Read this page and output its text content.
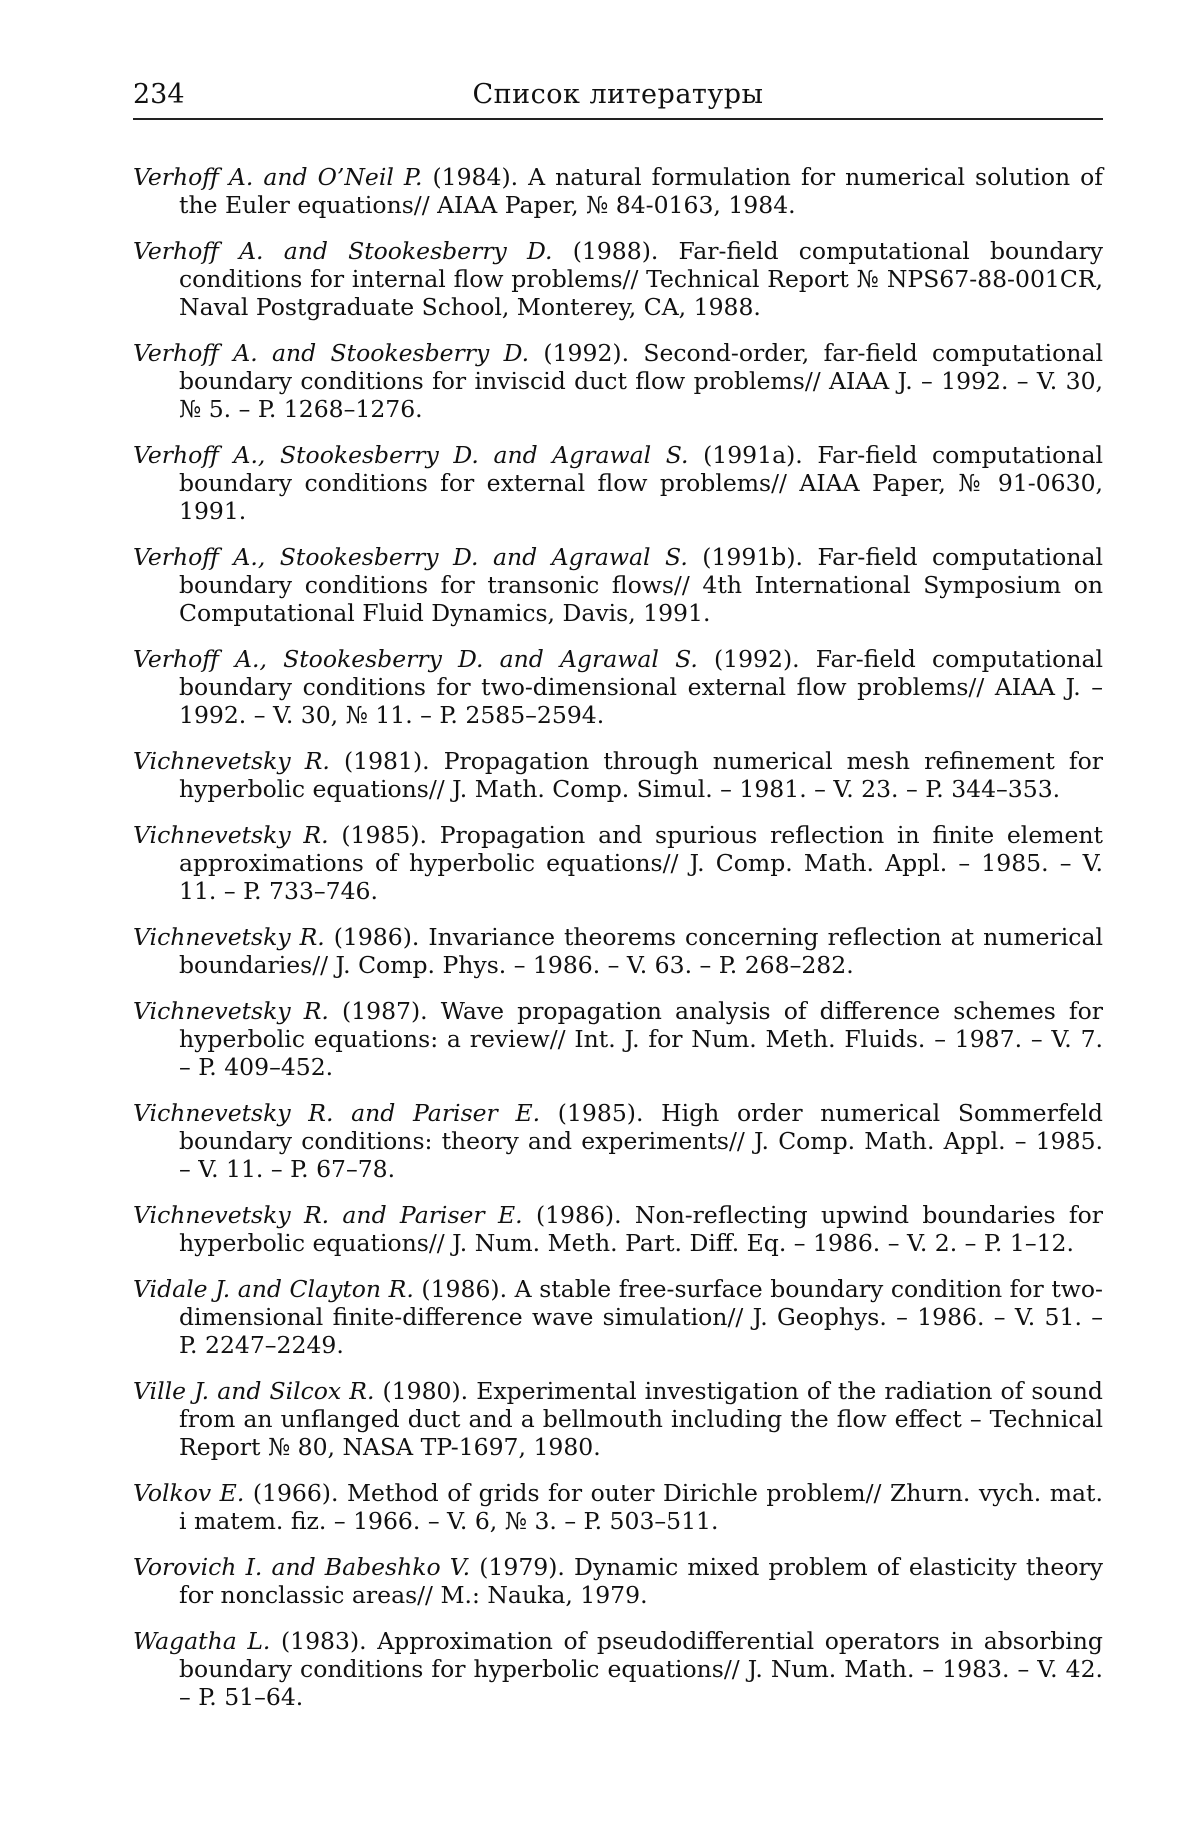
234	Список литературы

Verhoff A. and O’Neil P. (1984). A natural formulation for numerical solution of the Euler equations// AIAA Paper, № 84-0163, 1984.

Verhoff A. and Stookesberry D. (1988). Far-field computational boundary conditions for internal flow problems// Technical Report № NPS67-88-001CR, Naval Postgraduate School, Monterey, CA, 1988.

Verhoff A. and Stookesberry D. (1992). Second-order, far-field computational boundary conditions for inviscid duct flow problems// AIAA J. – 1992. – V. 30, № 5. – P. 1268–1276.

Verhoff A., Stookesberry D. and Agrawal S. (1991a). Far-field computational boundary conditions for external flow problems// AIAA Paper, № 91-0630, 1991.

Verhoff A., Stookesberry D. and Agrawal S. (1991b). Far-field computational boundary conditions for transonic flows// 4th International Symposium on Computational Fluid Dynamics, Davis, 1991.

Verhoff A., Stookesberry D. and Agrawal S. (1992). Far-field computational boundary conditions for two-dimensional external flow problems// AIAA J. – 1992. – V. 30, № 11. – P. 2585–2594.

Vichnevetsky R. (1981). Propagation through numerical mesh refinement for hyperbolic equations// J. Math. Comp. Simul. – 1981. – V. 23. – P. 344–353.

Vichnevetsky R. (1985). Propagation and spurious reflection in finite element approximations of hyperbolic equations// J. Comp. Math. Appl. – 1985. – V. 11. – P. 733–746.

Vichnevetsky R. (1986). Invariance theorems concerning reflection at numerical boundaries// J. Comp. Phys. – 1986. – V. 63. – P. 268–282.

Vichnevetsky R. (1987). Wave propagation analysis of difference schemes for hyperbolic equations: a review// Int. J. for Num. Meth. Fluids. – 1987. – V. 7. – P. 409–452.

Vichnevetsky R. and Pariser E. (1985). High order numerical Sommerfeld boundary conditions: theory and experiments// J. Comp. Math. Appl. – 1985. – V. 11. – P. 67–78.

Vichnevetsky R. and Pariser E. (1986). Non-reflecting upwind boundaries for hyperbolic equations// J. Num. Meth. Part. Diff. Eq. – 1986. – V. 2. – P. 1–12.

Vidale J. and Clayton R. (1986). A stable free-surface boundary condition for two-dimensional finite-difference wave simulation// J. Geophys. – 1986. – V. 51. – P. 2247–2249.

Ville J. and Silcox R. (1980). Experimental investigation of the radiation of sound from an unflanged duct and a bellmouth including the flow effect – Technical Report № 80, NASA TP-1697, 1980.

Volkov E. (1966). Method of grids for outer Dirichle problem// Zhurn. vych. mat. i matem. fiz. – 1966. – V. 6, № 3. – P. 503–511.

Vorovich I. and Babeshko V. (1979). Dynamic mixed problem of elasticity theory for nonclassic areas// M.: Nauka, 1979.

Wagatha L. (1983). Approximation of pseudodifferential operators in absorbing boundary conditions for hyperbolic equations// J. Num. Math. – 1983. – V. 42. – P. 51–64.
